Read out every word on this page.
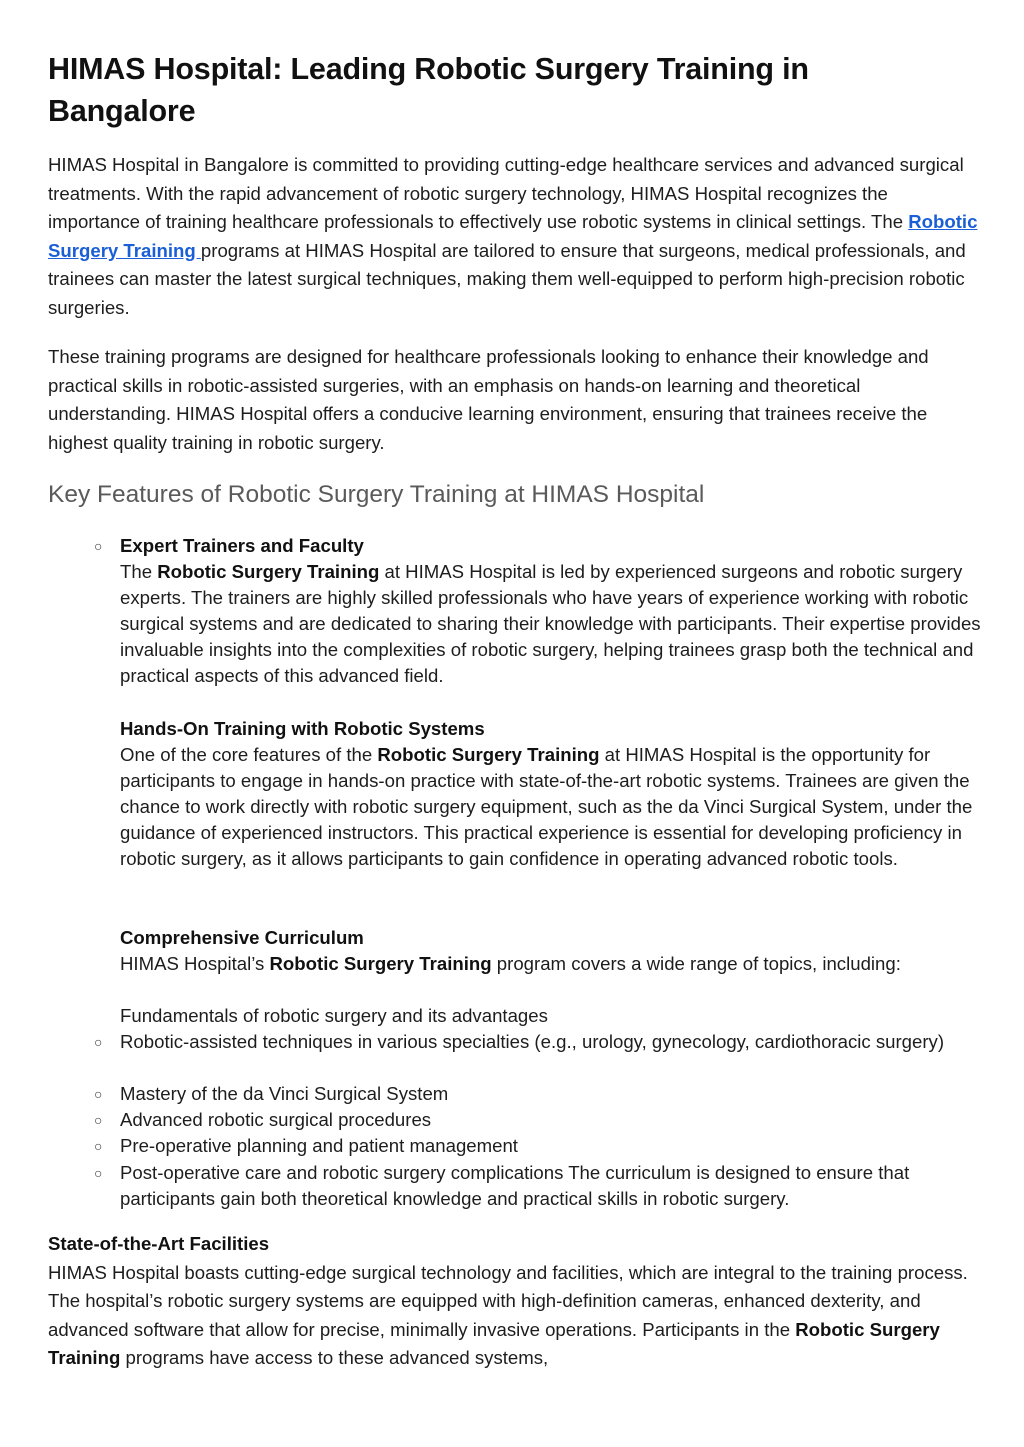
HIMAS Hospital: Leading Robotic Surgery Training in Bangalore

HIMAS Hospital in Bangalore is committed to providing cutting-edge healthcare services and advanced surgical treatments. With the rapid advancement of robotic surgery technology, HIMAS Hospital recognizes the importance of training healthcare professionals to effectively use robotic systems in clinical settings. The Robotic Surgery Training programs at HIMAS Hospital are tailored to ensure that surgeons, medical professionals, and trainees can master the latest surgical techniques, making them well-equipped to perform high-precision robotic surgeries.

These training programs are designed for healthcare professionals looking to enhance their knowledge and practical skills in robotic-assisted surgeries, with an emphasis on hands-on learning and theoretical understanding. HIMAS Hospital offers a conducive learning environment, ensuring that trainees receive the highest quality training in robotic surgery.

Key Features of Robotic Surgery Training at HIMAS Hospital
○ Expert Trainers and Faculty
The Robotic Surgery Training at HIMAS Hospital is led by experienced surgeons and robotic surgery experts. The trainers are highly skilled professionals who have years of experience working with robotic surgical systems and are dedicated to sharing their knowledge with participants. Their expertise provides invaluable insights into the complexities of robotic surgery, helping trainees grasp both the technical and practical aspects of this advanced field.
Hands-On Training with Robotic Systems
One of the core features of the Robotic Surgery Training at HIMAS Hospital is the opportunity for participants to engage in hands-on practice with state-of-the-art robotic systems. Trainees are given the chance to work directly with robotic surgery equipment, such as the da Vinci Surgical System, under the guidance of experienced instructors. This practical experience is essential for developing proficiency in robotic surgery, as it allows participants to gain confidence in operating advanced robotic tools.
Comprehensive Curriculum
HIMAS Hospital’s Robotic Surgery Training program covers a wide range of topics, including:
Fundamentals of robotic surgery and its advantages
○ Robotic-assisted techniques in various specialties (e.g., urology, gynecology, cardiothoracic surgery)
○ Mastery of the da Vinci Surgical System
○ Advanced robotic surgical procedures
○ Pre-operative planning and patient management
○ Post-operative care and robotic surgery complications The curriculum is designed to ensure that participants gain both theoretical knowledge and practical skills in robotic surgery.
State-of-the-Art Facilities
HIMAS Hospital boasts cutting-edge surgical technology and facilities, which are integral to the training process. The hospital’s robotic surgery systems are equipped with high-definition cameras, enhanced dexterity, and advanced software that allow for precise, minimally invasive operations. Participants in the Robotic Surgery Training programs have access to these advanced systems,
